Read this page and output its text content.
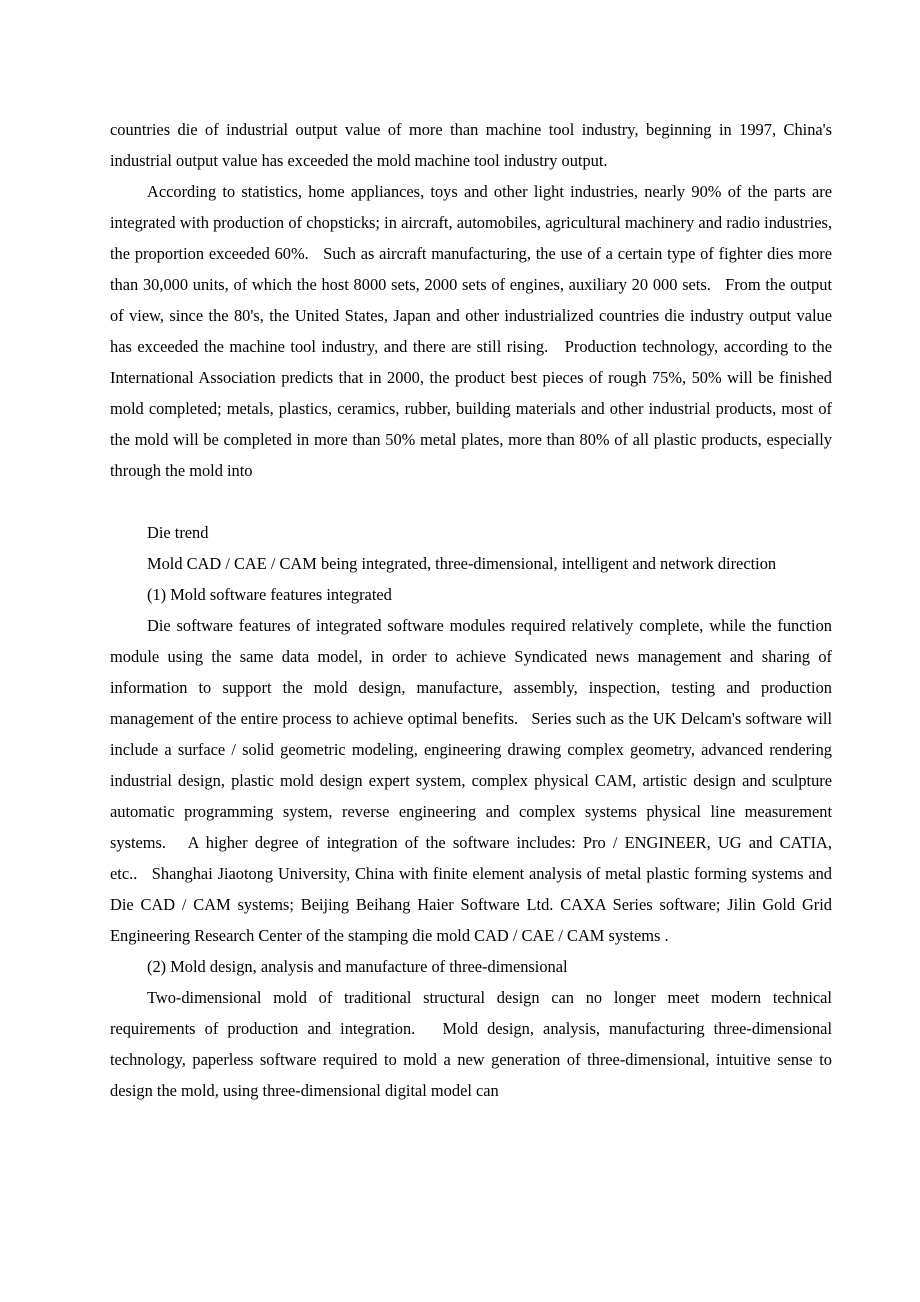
countries die of industrial output value of more than machine tool industry, beginning in 1997, China's industrial output value has exceeded the mold machine tool industry output.

According to statistics, home appliances, toys and other light industries, nearly 90% of the parts are integrated with production of chopsticks; in aircraft, automobiles, agricultural machinery and radio industries, the proportion exceeded 60%.   Such as aircraft manufacturing, the use of a certain type of fighter dies more than 30,000 units, of which the host 8000 sets, 2000 sets of engines, auxiliary 20 000 sets.   From the output of view, since the 80's, the United States, Japan and other industrialized countries die industry output value has exceeded the machine tool industry, and there are still rising.   Production technology, according to the International Association predicts that in 2000, the product best pieces of rough 75%, 50% will be finished mold completed; metals, plastics, ceramics, rubber, building materials and other industrial products, most of the mold will be completed in more than 50% metal plates, more than 80% of all plastic products, especially through the mold into

Die trend

Mold CAD / CAE / CAM being integrated, three-dimensional, intelligent and network direction

(1) Mold software features integrated

Die software features of integrated software modules required relatively complete, while the function module using the same data model, in order to achieve Syndicated news management and sharing of information to support the mold design, manufacture, assembly, inspection, testing and production management of the entire process to achieve optimal benefits.   Series such as the UK Delcam's software will include a surface / solid geometric modeling, engineering drawing complex geometry, advanced rendering industrial design, plastic mold design expert system, complex physical CAM, artistic design and sculpture automatic programming system, reverse engineering and complex systems physical line measurement systems.   A higher degree of integration of the software includes: Pro / ENGINEER, UG and CATIA, etc..   Shanghai Jiaotong University, China with finite element analysis of metal plastic forming systems and Die CAD / CAM systems; Beijing Beihang Haier Software Ltd. CAXA Series software; Jilin Gold Grid Engineering Research Center of the stamping die mold CAD / CAE / CAM systems .

(2) Mold design, analysis and manufacture of three-dimensional

Two-dimensional mold of traditional structural design can no longer meet modern technical requirements of production and integration.   Mold design, analysis, manufacturing three-dimensional technology, paperless software required to mold a new generation of three-dimensional, intuitive sense to design the mold, using three-dimensional digital model can
